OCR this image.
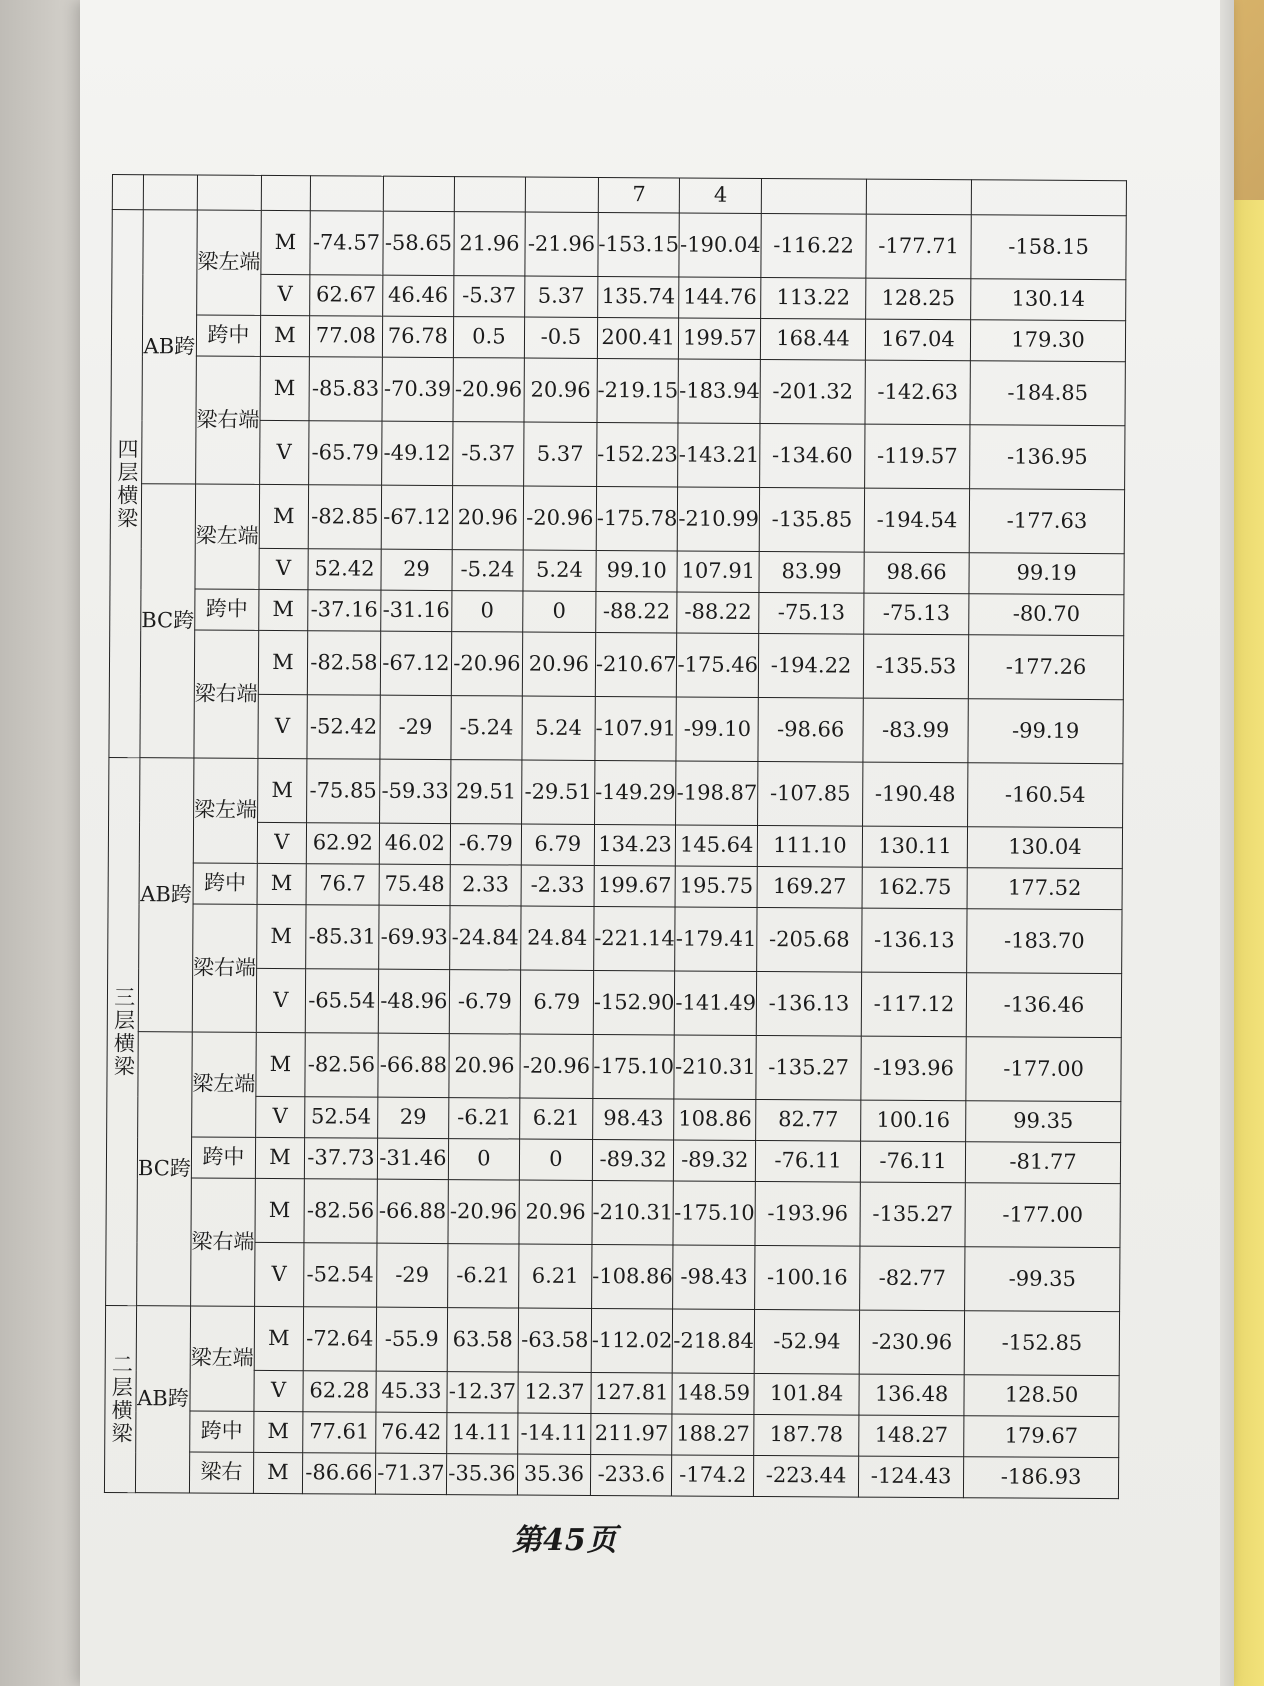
								7	4			
四层横梁	AB跨	梁左端	M	-74.57	-58.65	21.96	-21.96	-153.15	-190.04	-116.22	-177.71	-158.15
			V	62.67	46.46	-5.37	5.37	135.74	144.76	113.22	128.25	130.14
		跨中	M	77.08	76.78	0.5	-0.5	200.41	199.57	168.44	167.04	179.30
		梁右端	M	-85.83	-70.39	-20.96	20.96	-219.15	-183.94	-201.32	-142.63	-184.85
			V	-65.79	-49.12	-5.37	5.37	-152.23	-143.21	-134.60	-119.57	-136.95
	BC跨	梁左端	M	-82.85	-67.12	20.96	-20.96	-175.78	-210.99	-135.85	-194.54	-177.63
			V	52.42	29	-5.24	5.24	99.10	107.91	83.99	98.66	99.19
		跨中	M	-37.16	-31.16	0	0	-88.22	-88.22	-75.13	-75.13	-80.70
		梁右端	M	-82.58	-67.12	-20.96	20.96	-210.67	-175.46	-194.22	-135.53	-177.26
			V	-52.42	-29	-5.24	5.24	-107.91	-99.10	-98.66	-83.99	-99.19
三层横梁	AB跨	梁左端	M	-75.85	-59.33	29.51	-29.51	-149.29	-198.87	-107.85	-190.48	-160.54
			V	62.92	46.02	-6.79	6.79	134.23	145.64	111.10	130.11	130.04
		跨中	M	76.7	75.48	2.33	-2.33	199.67	195.75	169.27	162.75	177.52
		梁右端	M	-85.31	-69.93	-24.84	24.84	-221.14	-179.41	-205.68	-136.13	-183.70
			V	-65.54	-48.96	-6.79	6.79	-152.90	-141.49	-136.13	-117.12	-136.46
	BC跨	梁左端	M	-82.56	-66.88	20.96	-20.96	-175.10	-210.31	-135.27	-193.96	-177.00
			V	52.54	29	-6.21	6.21	98.43	108.86	82.77	100.16	99.35
		跨中	M	-37.73	-31.46	0	0	-89.32	-89.32	-76.11	-76.11	-81.77
		梁右端	M	-82.56	-66.88	-20.96	20.96	-210.31	-175.10	-193.96	-135.27	-177.00
			V	-52.54	-29	-6.21	6.21	-108.86	-98.43	-100.16	-82.77	-99.35
二层横梁	AB跨	梁左端	M	-72.64	-55.9	63.58	-63.58	-112.02	-218.84	-52.94	-230.96	-152.85
			V	62.28	45.33	-12.37	12.37	127.81	148.59	101.84	136.48	128.50
		跨中	M	77.61	76.42	14.11	-14.11	211.97	188.27	187.78	148.27	179.67
		梁右	M	-86.66	-71.37	-35.36	35.36	-233.6	-174.2	-223.44	-124.43	-186.93
第45页
